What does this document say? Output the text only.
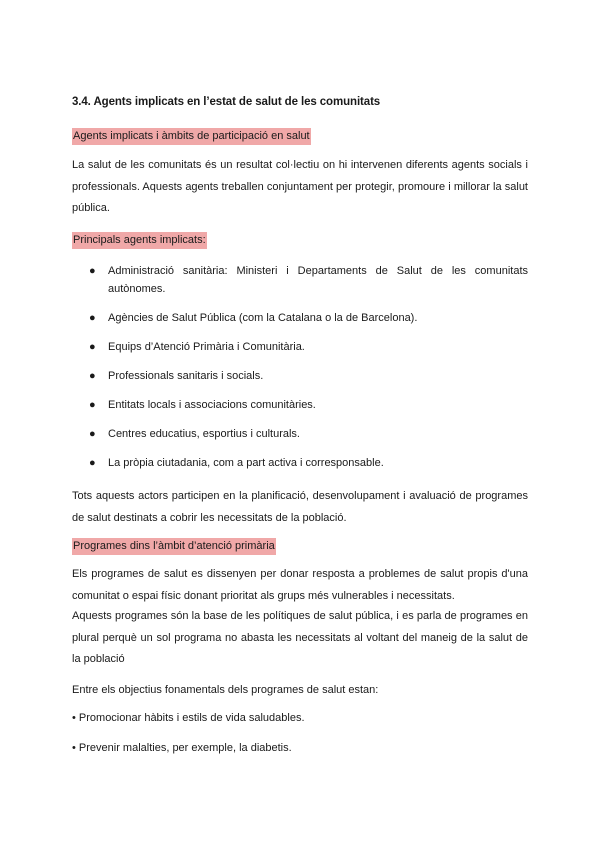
3.4. Agents implicats en l’estat de salut de les comunitats
Agents implicats i àmbits de participació en salut
La salut de les comunitats és un resultat col·lectiu on hi intervenen diferents agents socials i professionals. Aquests agents treballen conjuntament per protegir, promoure i millorar la salut pública.
Principals agents implicats:
● Administració sanitària: Ministeri i Departaments de Salut de les comunitats autònomes.
● Agències de Salut Pública (com la Catalana o la de Barcelona).
● Equips d’Atenció Primària i Comunitària.
● Professionals sanitaris i socials.
● Entitats locals i associacions comunitàries.
● Centres educatius, esportius i culturals.
● La pròpia ciutadania, com a part activa i corresponsable.
Tots aquests actors participen en la planificació, desenvolupament i avaluació de programes de salut destinats a cobrir les necessitats de la població.
Programes dins l’àmbit d’atenció primària
Els programes de salut es dissenyen per donar resposta a problemes de salut propis d'una comunitat o espai físic donant prioritat als grups més vulnerables i necessitats.
Aquests programes són la base de les polítiques de salut pública, i es parla de programes en plural perquè un sol programa no abasta les necessitats al voltant del maneig de la salut de la població
Entre els objectius fonamentals dels programes de salut estan:
• Promocionar hàbits i estils de vida saludables.
• Prevenir malalties, per exemple, la diabetis.
